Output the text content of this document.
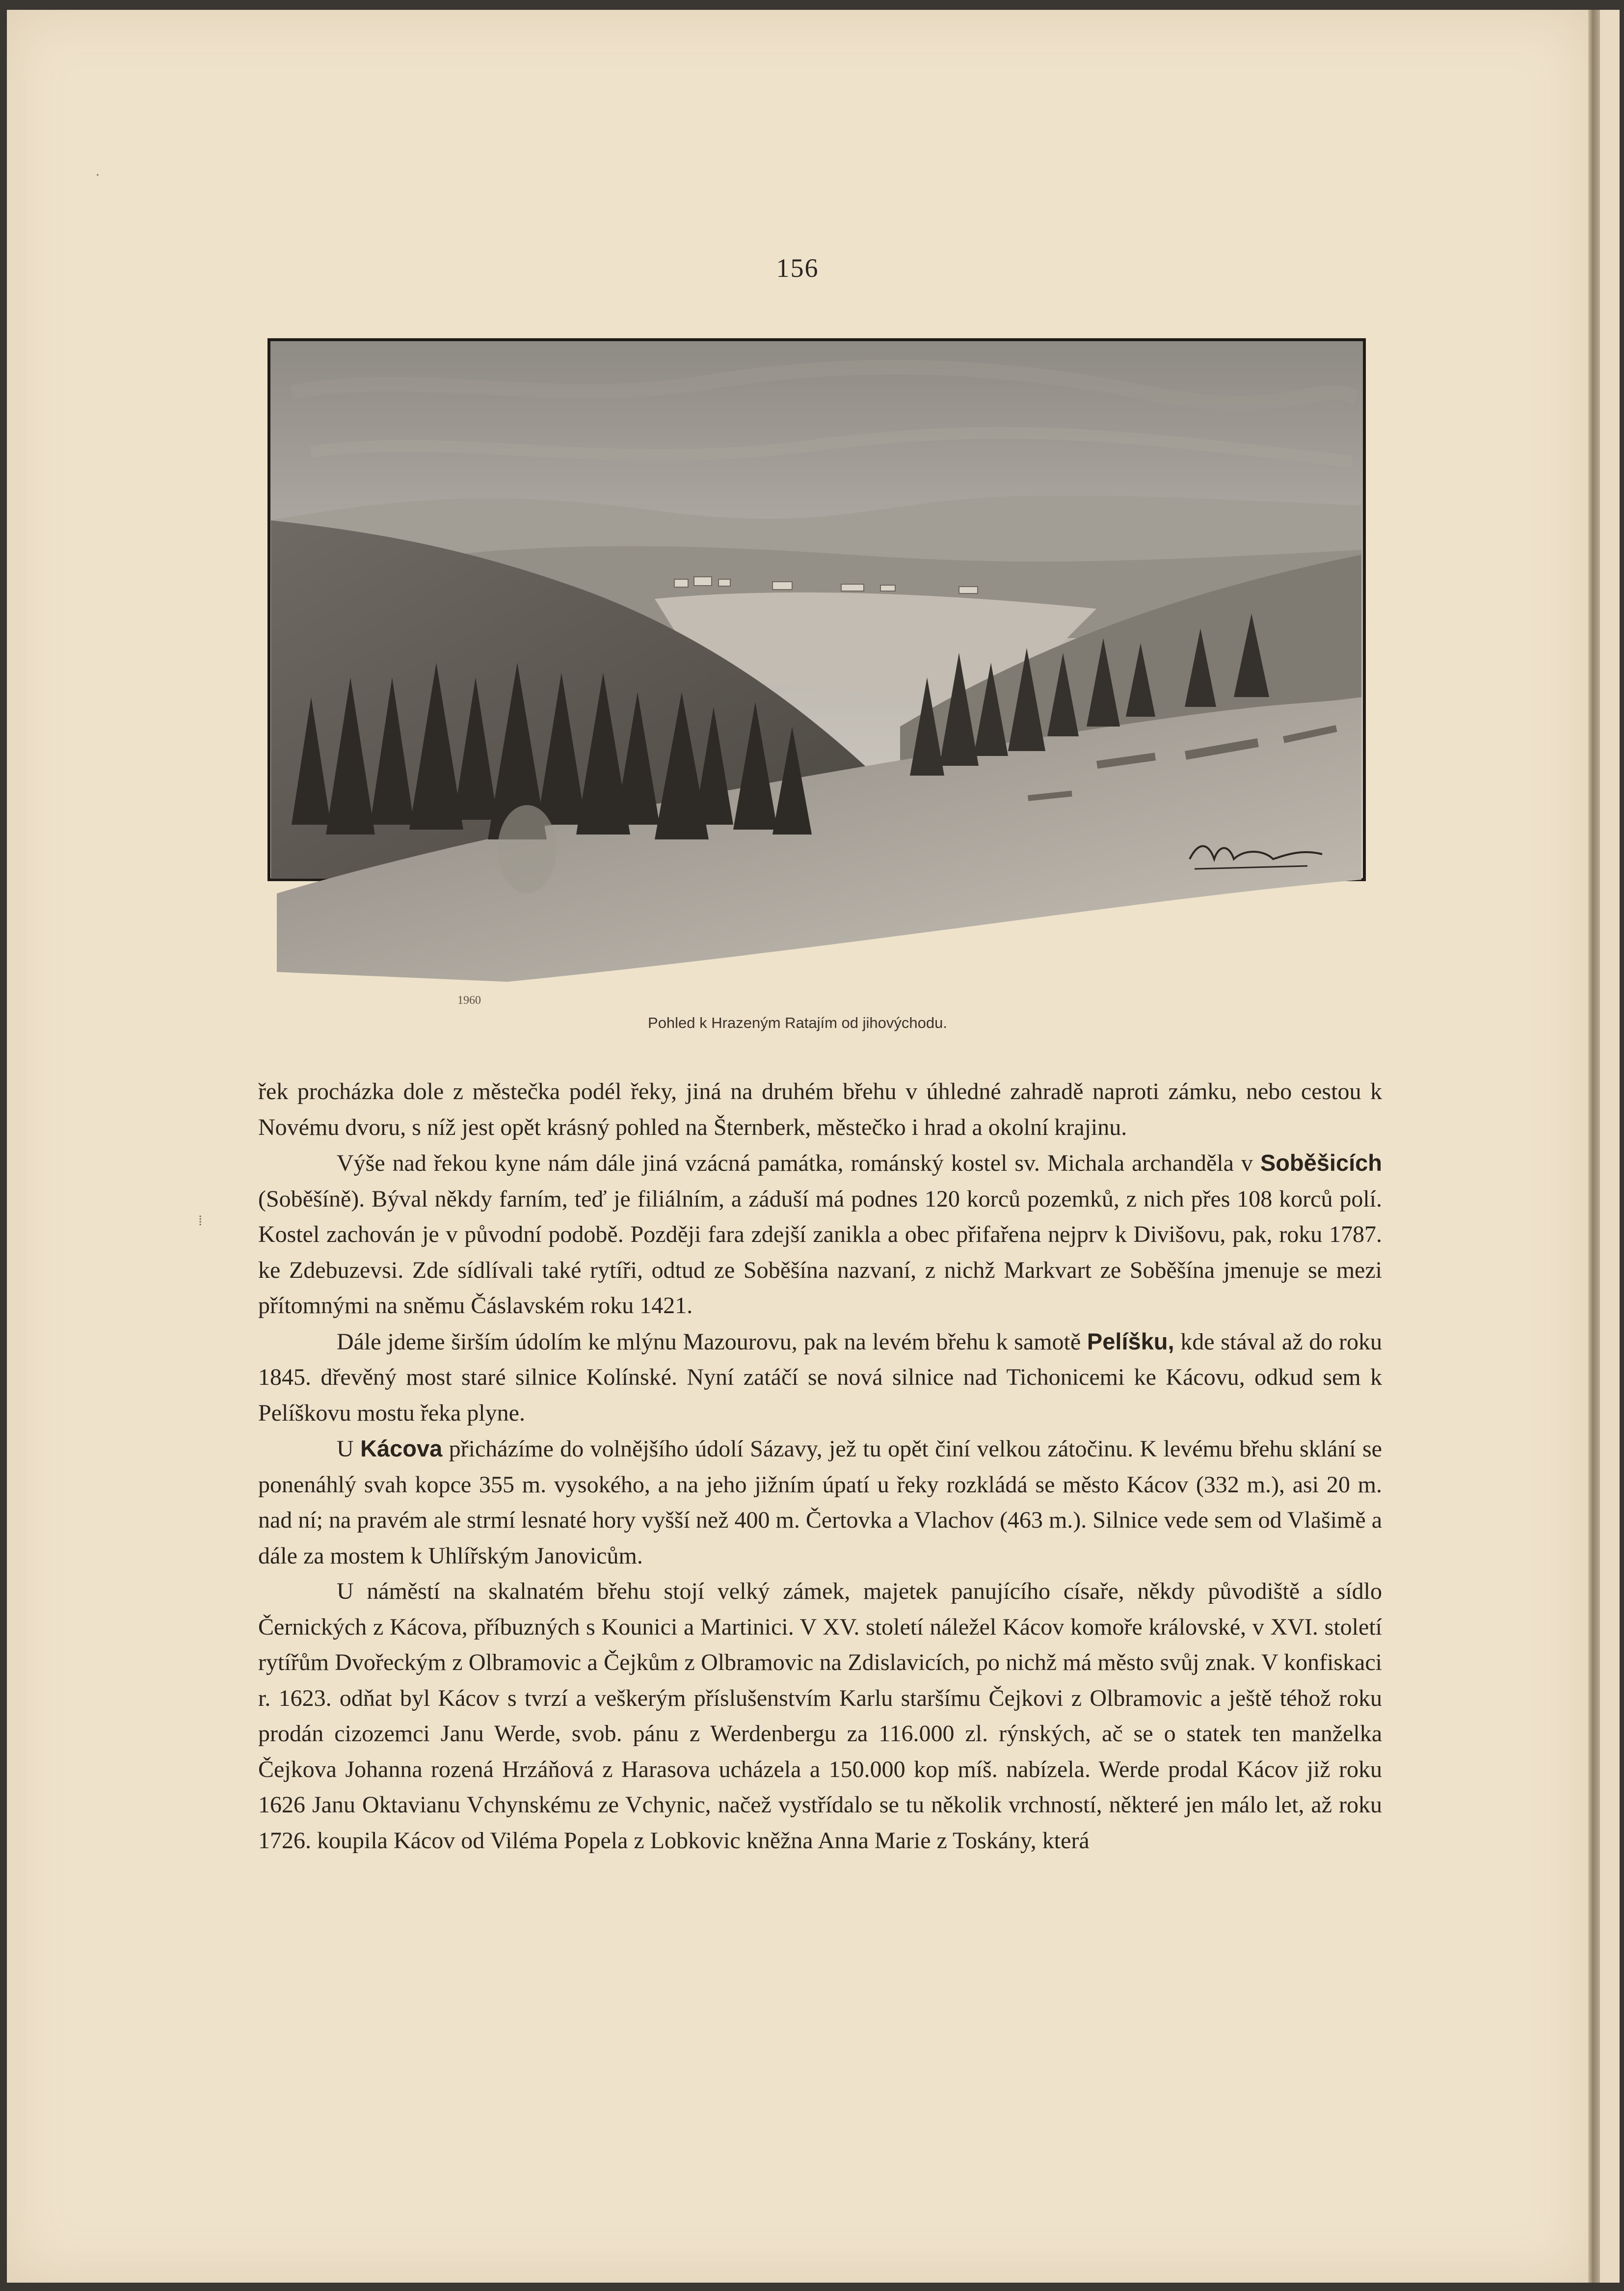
156
1960
Pohled k Hrazeným Ratajím od jihovýchodu.

řek procházka dole z městečka podél řeky, jiná na druhém břehu v úhledné zahradě naproti zámku, nebo cestou k Novému dvoru, s níž jest opět krásný pohled na Šternberk, městečko i hrad a okolní krajinu.

Výše nad řekou kyne nám dále jiná vzácná památka, románský kostel sv. Michala archanděla v Soběšicích (Soběšíně). Býval někdy farním, teď je filiálním, a záduší má podnes 120 korců pozemků, z nich přes 108 korců polí. Kostel zachován je v původní podobě. Později fara zdejší zanikla a obec přifařena nejprv k Divišovu, pak, roku 1787. ke Zdebuzevsi. Zde sídlívali také rytíři, odtud ze Soběšína nazvaní, z nichž Markvart ze Soběšína jmenuje se mezi přítomnými na sněmu Čáslavském roku 1421.

Dále jdeme širším údolím ke mlýnu Mazourovu, pak na levém břehu k samotě Pelíšku, kde stával až do roku 1845. dřevěný most staré silnice Kolínské. Nyní zatáčí se nová silnice nad Tichonicemi ke Kácovu, odkud sem k Pelíškovu mostu řeka plyne.

U Kácova přicházíme do volnějšího údolí Sázavy, jež tu opět činí velkou zátočinu. K levému břehu sklání se ponenáhlý svah kopce 355 m. vysokého, a na jeho jižním úpatí u řeky rozkládá se město Kácov (332 m.), asi 20 m. nad ní; na pravém ale strmí lesnaté hory vyšší než 400 m. Čertovka a Vlachov (463 m.). Silnice vede sem od Vlašimě a dále za mostem k Uhlířským Janovicům.

U náměstí na skalnatém břehu stojí velký zámek, majetek panujícího císaře, někdy původiště a sídlo Černických z Kácova, příbuzných s Kounici a Martinici. V XV. století náležel Kácov komoře královské, v XVI. století rytířům Dvořeckým z Olbramovic a Čejkům z Olbramovic na Zdislavicích, po nichž má město svůj znak. V konfiskaci r. 1623. odňat byl Kácov s tvrzí a veškerým příslušenstvím Karlu staršímu Čejkovi z Olbramovic a ještě téhož roku prodán cizozemci Janu Werde, svob. pánu z Werdenbergu za 116.000 zl. rýnských, ač se o statek ten manželka Čejkova Johanna rozená Hrzáňová z Harasova ucházela a 150.000 kop míš. nabízela. Werde prodal Kácov již roku 1626 Janu Oktavianu Vchynskému ze Vchynic, načež vystřídalo se tu několik vrchností, některé jen málo let, až roku 1726. koupila Kácov od Viléma Popela z Lobkovic kněžna Anna Marie z Toskány, která

·
⁞
